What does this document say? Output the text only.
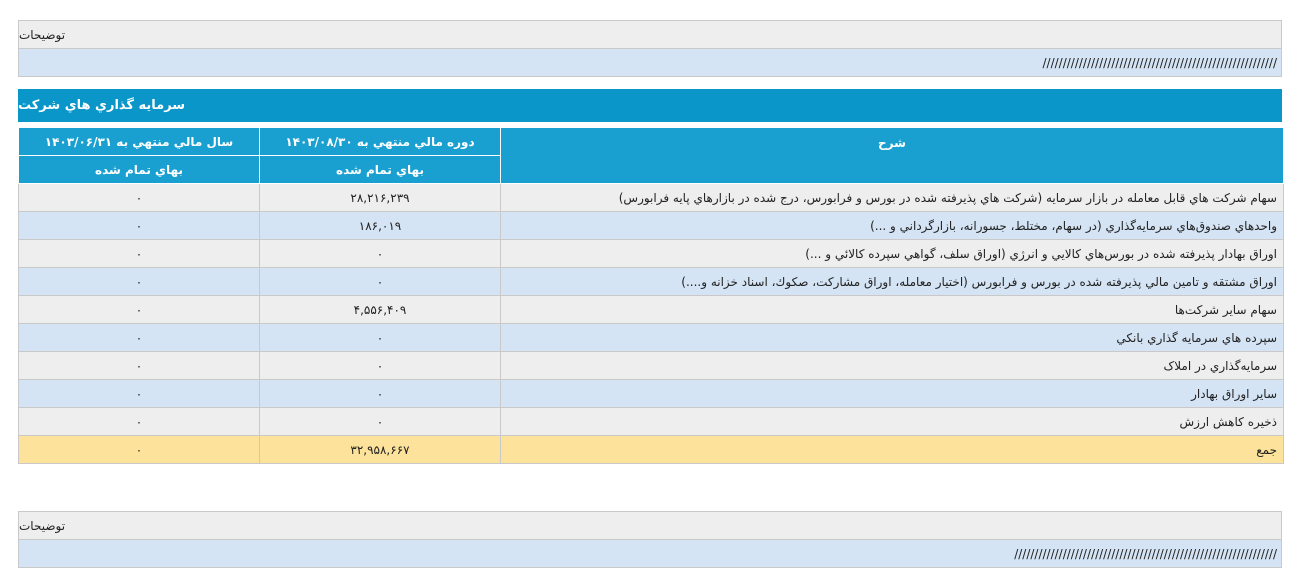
توضيحات
//////////////////////////////////////////////////////////
سرمايه گذاري هاي شركت
شرح	دوره مالي منتهي به ۱۴۰۳/۰۸/۳۰	سال مالي منتهي به ۱۴۰۳/۰۶/۳۱
	بهاي تمام شده	بهاي تمام شده
سهام شركت هاي قابل معامله در بازار سرمايه (شركت هاي پذيرفته شده در بورس و فرابورس، درج شده در بازارهاي پايه فرابورس)	۲۸,۲۱۶,۲۳۹	۰
واحدهاي صندوق‌هاي سرمايه‌گذاري (در سهام، مختلط، جسورانه، بازارگرداني و ...)	۱۸۶,۰۱۹	۰
اوراق بهادار پذيرفته شده در بورس‌هاي كالايي و انرژي (اوراق سلف، گواهي سپرده كالائي و ...)	۰	۰
اوراق مشتقه و تامين مالي پذيرفته شده در بورس و فرابورس (اختيار معامله، اوراق مشاركت، صكوك، اسناد خزانه و....)	۰	۰
سهام ساير شركت‌ها	۴,۵۵۶,۴۰۹	۰
سپرده هاي سرمايه گذاري بانكي	۰	۰
سرمايه‌گذاري در املاک	۰	۰
ساير اوراق بهادار	۰	۰
ذخيره كاهش ارزش	۰	۰
جمع	۳۲,۹۵۸,۶۶۷	۰
توضيحات
/////////////////////////////////////////////////////////////////
